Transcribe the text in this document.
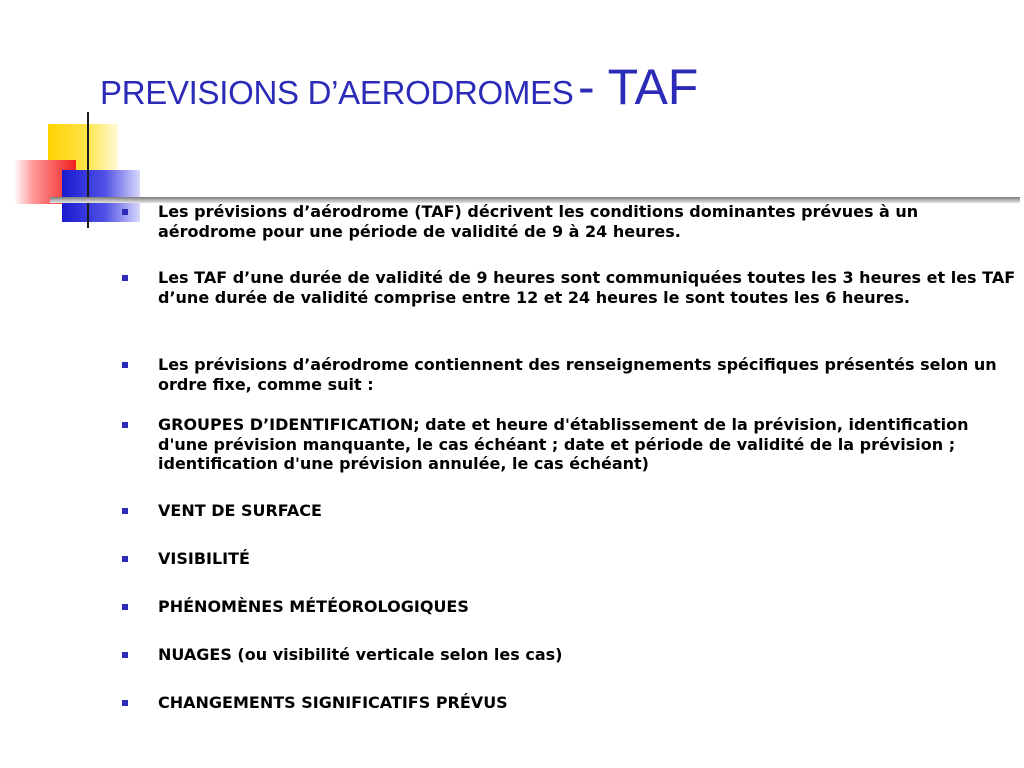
PREVISIONS D’AERODROMES - TAF
Les prévisions d’aérodrome (TAF) décrivent les conditions dominantes prévues à un aérodrome pour une période de validité de 9 à 24 heures.
Les TAF d’une durée de validité de 9 heures sont communiquées toutes les 3 heures et les TAF d’une durée de validité comprise entre 12 et 24 heures le sont toutes les 6 heures.
Les prévisions d’aérodrome contiennent des renseignements spécifiques présentés selon un ordre fixe, comme suit :
GROUPES D’IDENTIFICATION; date et heure d'établissement de la prévision, identification d'une prévision manquante, le cas échéant ; date et période de validité de la prévision ; identification d'une prévision annulée, le cas échéant)
VENT DE SURFACE
VISIBILITÉ
PHÉNOMÈNES MÉTÉOROLOGIQUES
NUAGES (ou visibilité verticale selon les cas)
CHANGEMENTS SIGNIFICATIFS PRÉVUS
